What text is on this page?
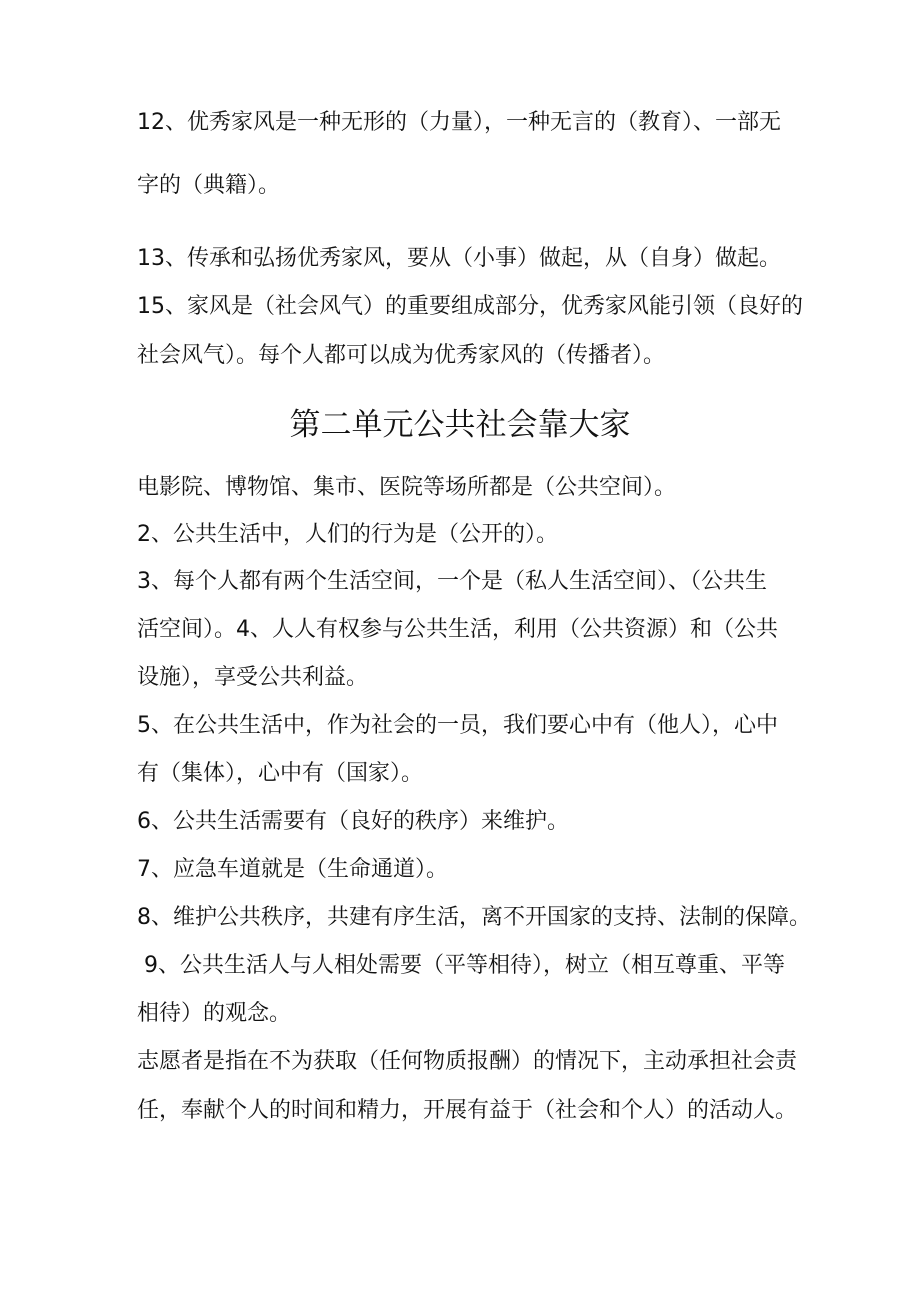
12、优秀家风是一种无形的（力量），一种无言的（教育）、一部无
字的（典籍）。
13、传承和弘扬优秀家风，要从（小事）做起，从（自身）做起。
15、家风是（社会风气）的重要组成部分，优秀家风能引领（良好的
社会风气）。每个人都可以成为优秀家风的（传播者）。
第二单元公共社会靠大家
电影院、博物馆、集市、医院等场所都是（公共空间）。
2、公共生活中，人们的行为是（公开的）。
3、每个人都有两个生活空间，一个是（私人生活空间）、（公共生
活空间）。4、人人有权参与公共生活，利用（公共资源）和（公共
设施），享受公共利益。
5、在公共生活中，作为社会的一员，我们要心中有（他人），心中
有（集体），心中有（国家）。
6、公共生活需要有（良好的秩序）来维护。
7、应急车道就是（生命通道）。
8、维护公共秩序，共建有序生活，离不开国家的支持、法制的保障。
9、公共生活人与人相处需要（平等相待），树立（相互尊重、平等
相待）的观念。
志愿者是指在不为获取（任何物质报酬）的情况下，主动承担社会责
任，奉献个人的时间和精力，开展有益于（社会和个人）的活动人。
